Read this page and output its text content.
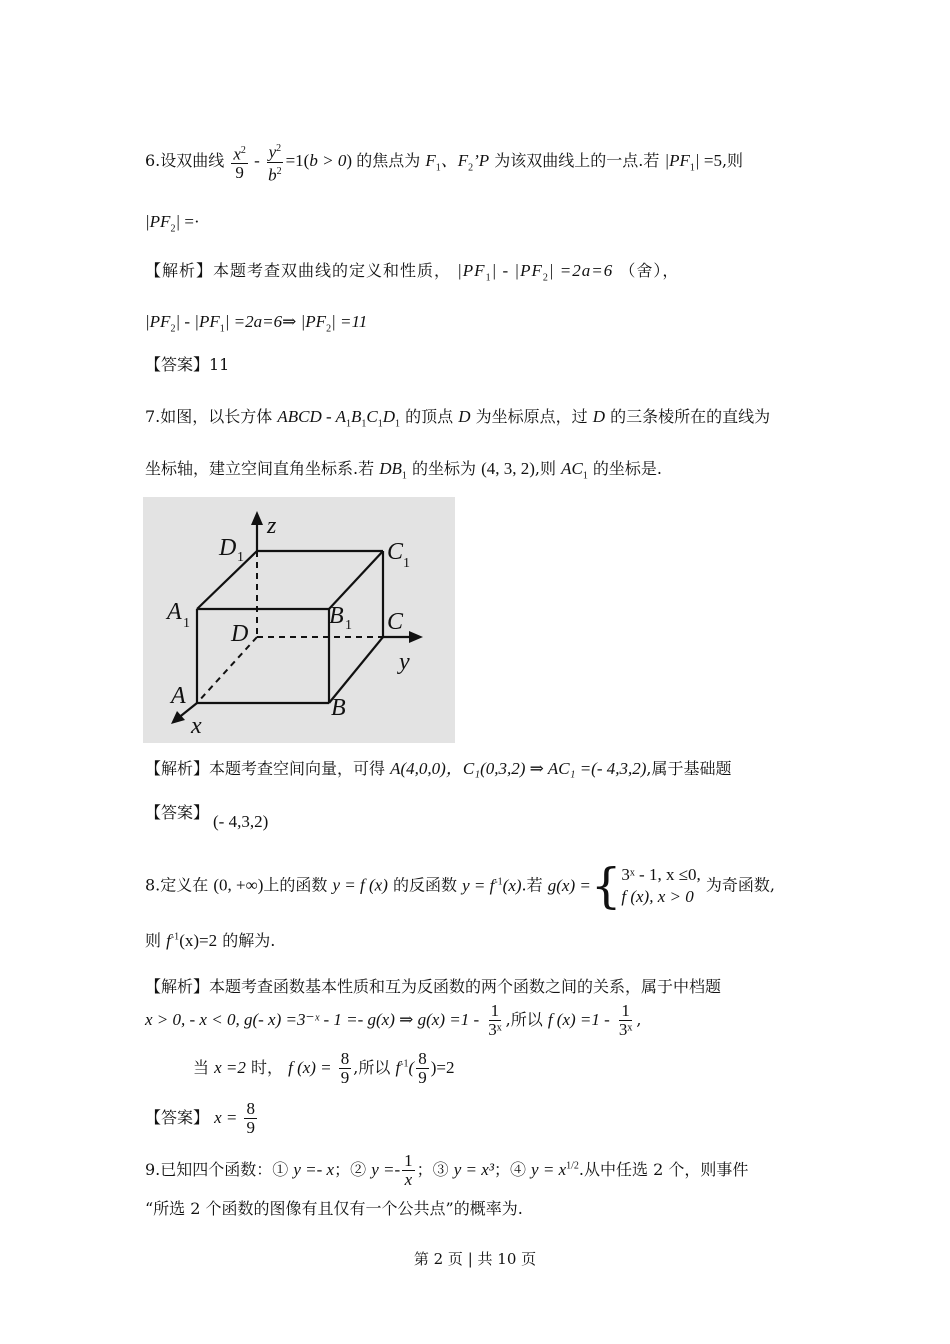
6.设双曲线 $\frac{x^2}{9} - \frac{y^2}{b^2} =1(b > 0)$ 的焦点为 $F_1$、$F_2’P$ 为该双曲线上的一点.若 $|PF_1| =5$,则
$|PF_2|$ =·
【解析】本题考查双曲线的定义和性质， $|PF_1| - |PF_2| =2a=6$ （舍），
$|PF_2| - |PF_1|$ =2a=6⇒ $|PF_2| =11$
【答案】11
7.如图，以长方体 ABCD - $A_1B_1C_1D_1$ 的顶点 D 为坐标原点，过 D 的三条棱所在的直线为
坐标轴，建立空间直角坐标系.若 $DB_1$ 的坐标为 (4, 3, 2),则 $AC_1$ 的坐标是.
z
y
x
A	B
C
D
A	B
C
D
1	1
1
1
【解析】本题考查空间向量，可得 A(4,0,0)，C₁(0,3,2) ⇒ AC₁ =(- 4,3,2),属于基础题
【答案】 (- 4,3,2)
8.定义在 (0, +∞)上的函数 y = f (x) 的反函数 $y = f^{-1}(x)$.若 g(x) = { 3ˣ - 1, x ≤0,
f (x), x > 0
为奇函数,
则 $f^{-1}(x)=2$ 的解为.
【解析】本题考查函数基本性质和互为反函数的两个函数之间的关系，属于中档题
x > 0, - x < 0, g(- x) =3⁻ˣ - 1 =- g(x) ⇒ $g(x) =1 - \frac{1}{\text{3ˣ}}$ ,所以 f $(x) =1 - \frac{1}{\text{3ˣ}}$ ,
当 x =2 时， f $(x) = \frac{8}{9}$ ,所以 $f^{-1}( \frac{8}{9} )=2$
【答案】 $x = \frac{8}{9}$
9.已知四个函数：① y =- x；② $y =- \frac{1}{x}$ ；③ y = x³；④ $y = x^{1/2}$.从中任选 2 个，则事件
“所选 2 个函数的图像有且仅有一个公共点”的概率为.
第 2 页 | 共 10 页
